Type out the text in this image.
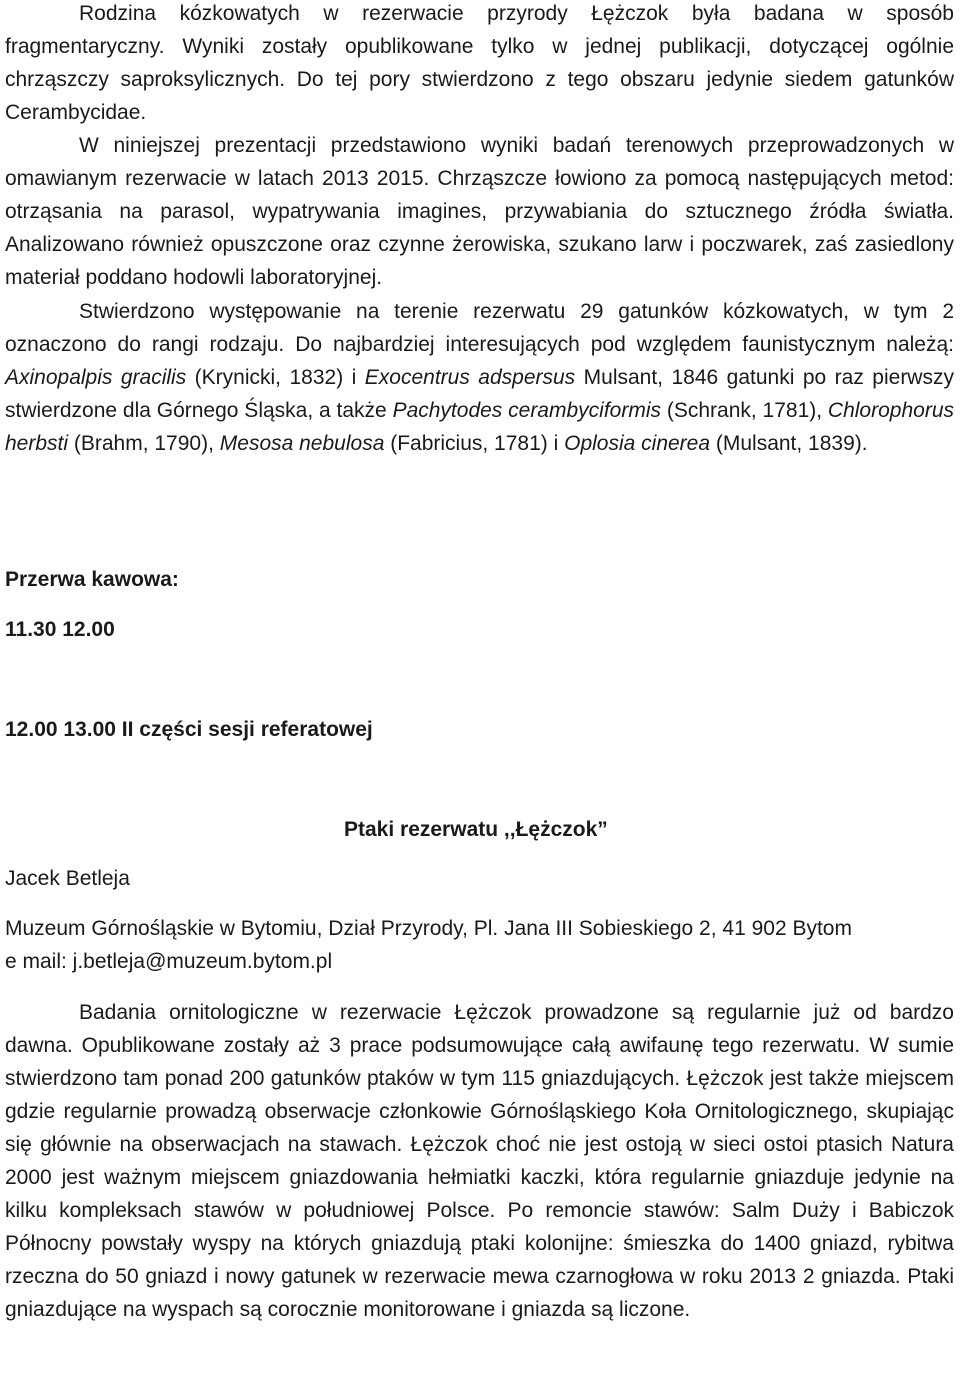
Rodzina kózkowatych w rezerwacie przyrody Łężczok była badana w sposób fragmentaryczny. Wyniki zostały opublikowane tylko w jednej publikacji, dotyczącej ogólnie chrząszczy saproksylicznych. Do tej pory stwierdzono z tego obszaru jedynie siedem gatunków Cerambycidae.

W niniejszej prezentacji przedstawiono wyniki badań terenowych przeprowadzonych w omawianym rezerwacie w latach 2013 2015. Chrząszcze łowiono za pomocą następujących metod: otrząsania na parasol, wypatrywania imagines, przywabiania do sztucznego źródła światła. Analizowano również opuszczone oraz czynne żerowiska, szukano larw i poczwarek, zaś zasiedlony materiał poddano hodowli laboratoryjnej.

Stwierdzono występowanie na terenie rezerwatu 29 gatunków kózkowatych, w tym 2 oznaczono do rangi rodzaju. Do najbardziej interesujących pod względem faunistycznym należą: Axinopalpis gracilis (Krynicki, 1832) i Exocentrus adspersus Mulsant, 1846 gatunki po raz pierwszy stwierdzone dla Górnego Śląska, a także Pachytodes cerambyciformis (Schrank, 1781), Chlorophorus herbsti (Brahm, 1790), Mesosa nebulosa (Fabricius, 1781) i Oplosia cinerea (Mulsant, 1839).

Przerwa kawowa:
11.30 12.00
12.00 13.00 II części sesji referatowej
Ptaki rezerwatu ,,Łężczok”
Jacek Betleja
Muzeum Górnośląskie w Bytomiu, Dział Przyrody, Pl. Jana III Sobieskiego 2, 41 902 Bytom
e mail: j.betleja@muzeum.bytom.pl

Badania ornitologiczne w rezerwacie Łężczok prowadzone są regularnie już od bardzo dawna. Opublikowane zostały aż 3 prace podsumowujące całą awifaunę tego rezerwatu. W sumie stwierdzono tam ponad 200 gatunków ptaków w tym 115 gniazdujących. Łężczok jest także miejscem gdzie regularnie prowadzą obserwacje członkowie Górnośląskiego Koła Ornitologicznego, skupiając się głównie na obserwacjach na stawach. Łężczok choć nie jest ostoją w sieci ostoi ptasich Natura 2000 jest ważnym miejscem gniazdowania hełmiatki kaczki, która regularnie gniazduje jedynie na kilku kompleksach stawów w południowej Polsce. Po remoncie stawów: Salm Duży i Babiczok Północny powstały wyspy na których gniazdują ptaki kolonijne: śmieszka do 1400 gniazd, rybitwa rzeczna do 50 gniazd i nowy gatunek w rezerwacie mewa czarnogłowa w roku 2013 2 gniazda. Ptaki gniazdujące na wyspach są corocznie monitorowane i gniazda są liczone.
